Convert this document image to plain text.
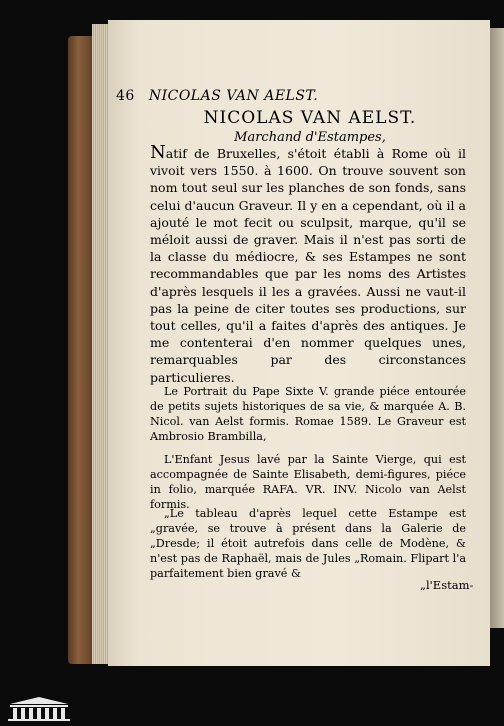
46 NICOLAS VAN AELST.
NICOLAS VAN AELST.
Marchand d'Estampes,
Natif de Bruxelles, s'étoit établi à Rome où il vivoit vers 1550. à 1600. On trouve souvent son nom tout seul sur les planches de son fonds, sans celui d'aucun Graveur. Il y en a cependant, où il a ajouté le mot fecit ou sculpsit, marque, qu'il se méloit aussi de graver. Mais il n'est pas sorti de la classe du médiocre, & ses Estampes ne sont recommandables que par les noms des Artistes d'après lesquels il les a gravées. Aussi ne vaut-il pas la peine de citer toutes ses productions, sur tout celles, qu'il a faites d'après des antiques. Je me contenterai d'en nommer quelques unes, remarquables par des circonstances particulieres.
Le Portrait du Pape Sixte V. grande piéce entourée de petits sujets historiques de sa vie, & marquée A. B. Nicol. van Aelst formis. Romae 1589. Le Graveur est Ambrosio Brambilla,
L'Enfant Jesus lavé par la Sainte Vierge, qui est accompagnée de Sainte Elisabeth, demi-figures, piéce in folio, marquée RAFA. VR. INV. Nicolo van Aelst formis.
„Le tableau d'après lequel cette Estampe est „gravée, se trouve à présent dans la Galerie de „Dresde; il étoit autrefois dans celle de Modène, & n'est pas de Raphaël, mais de Jules „Romain. Flipart l'a parfaitement bien gravé &
„l'Estam-
